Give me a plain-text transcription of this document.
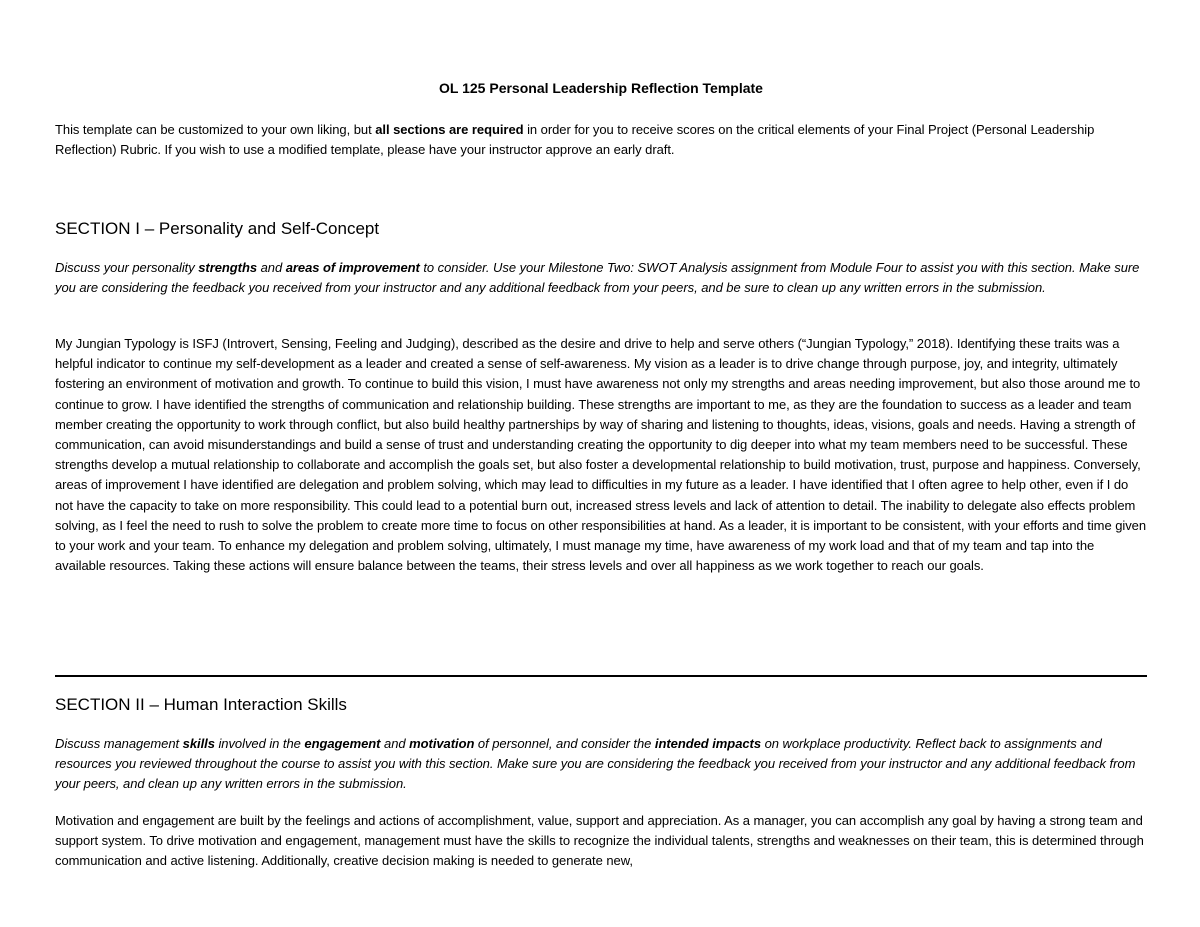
OL 125 Personal Leadership Reflection Template

This template can be customized to your own liking, but all sections are required in order for you to receive scores on the critical elements of your Final Project (Personal Leadership Reflection) Rubric. If you wish to use a modified template, please have your instructor approve an early draft.

SECTION I – Personality and Self-Concept

Discuss your personality strengths and areas of improvement to consider. Use your Milestone Two: SWOT Analysis assignment from Module Four to assist you with this section. Make sure you are considering the feedback you received from your instructor and any additional feedback from your peers, and be sure to clean up any written errors in the submission.

My Jungian Typology is ISFJ (Introvert, Sensing, Feeling and Judging), described as the desire and drive to help and serve others (“Jungian Typology,” 2018). Identifying these traits was a helpful indicator to continue my self-development as a leader and created a sense of self-awareness. My vision as a leader is to drive change through purpose, joy, and integrity, ultimately fostering an environment of motivation and growth. To continue to build this vision, I must have awareness not only my strengths and areas needing improvement, but also those around me to continue to grow. I have identified the strengths of communication and relationship building. These strengths are important to me, as they are the foundation to success as a leader and team member creating the opportunity to work through conflict, but also build healthy partnerships by way of sharing and listening to thoughts, ideas, visions, goals and needs. Having a strength of communication, can avoid misunderstandings and build a sense of trust and understanding creating the opportunity to dig deeper into what my team members need to be successful. These strengths develop a mutual relationship to collaborate and accomplish the goals set, but also foster a developmental relationship to build motivation, trust, purpose and happiness. Conversely, areas of improvement I have identified are delegation and problem solving, which may lead to difficulties in my future as a leader. I have identified that I often agree to help other, even if I do not have the capacity to take on more responsibility. This could lead to a potential burn out, increased stress levels and lack of attention to detail. The inability to delegate also effects problem solving, as I feel the need to rush to solve the problem to create more time to focus on other responsibilities at hand. As a leader, it is important to be consistent, with your efforts and time given to your work and your team. To enhance my delegation and problem solving, ultimately, I must manage my time, have awareness of my work load and that of my team and tap into the available resources. Taking these actions will ensure balance between the teams, their stress levels and over all happiness as we work together to reach our goals.

SECTION II – Human Interaction Skills

Discuss management skills involved in the engagement and motivation of personnel, and consider the intended impacts on workplace productivity. Reflect back to assignments and resources you reviewed throughout the course to assist you with this section. Make sure you are considering the feedback you received from your instructor and any additional feedback from your peers, and clean up any written errors in the submission.

Motivation and engagement are built by the feelings and actions of accomplishment, value, support and appreciation. As a manager, you can accomplish any goal by having a strong team and support system. To drive motivation and engagement, management must have the skills to recognize the individual talents, strengths and weaknesses on their team, this is determined through communication and active listening. Additionally, creative decision making is needed to generate new,
